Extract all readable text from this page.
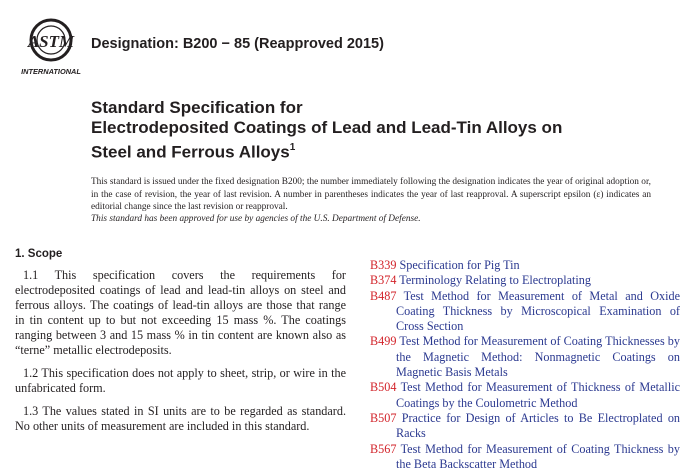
ASTM
INTERNATIONAL
Designation: B200 − 85 (Reapproved 2015)
Standard Specification for
Electrodeposited Coatings of Lead and Lead-Tin Alloys on
Steel and Ferrous Alloys$^1$
This standard is issued under the fixed designation B200; the number immediately following the designation indicates the year of original adoption or, in the case of revision, the year of last revision. A number in parentheses indicates the year of last reapproval. A superscript epsilon (ε) indicates an editorial change since the last revision or reapproval.
This standard has been approved for use by agencies of the U.S. Department of Defense.
1. Scope

1.1 This specification covers the requirements for electrodeposited coatings of lead and lead-tin alloys on steel and ferrous alloys. The coatings of lead-tin alloys are those that range in tin content up to but not exceeding 15 mass %. The coatings ranging between 3 and 15 mass % in tin content are known also as “terne” metallic electrodeposits.

1.2 This specification does not apply to sheet, strip, or wire in the unfabricated form.

1.3 The values stated in SI units are to be regarded as standard. No other units of measurement are included in this standard.

B339 Specification for Pig Tin
B374 Terminology Relating to Electroplating
B487 Test Method for Measurement of Metal and Oxide Coating Thickness by Microscopical Examination of Cross Section
B499 Test Method for Measurement of Coating Thicknesses by the Magnetic Method: Nonmagnetic Coatings on Magnetic Basis Metals
B504 Test Method for Measurement of Thickness of Metallic Coatings by the Coulometric Method
B507 Practice for Design of Articles to Be Electroplated on Racks
B567 Test Method for Measurement of Coating Thickness by the Beta Backscatter Method
